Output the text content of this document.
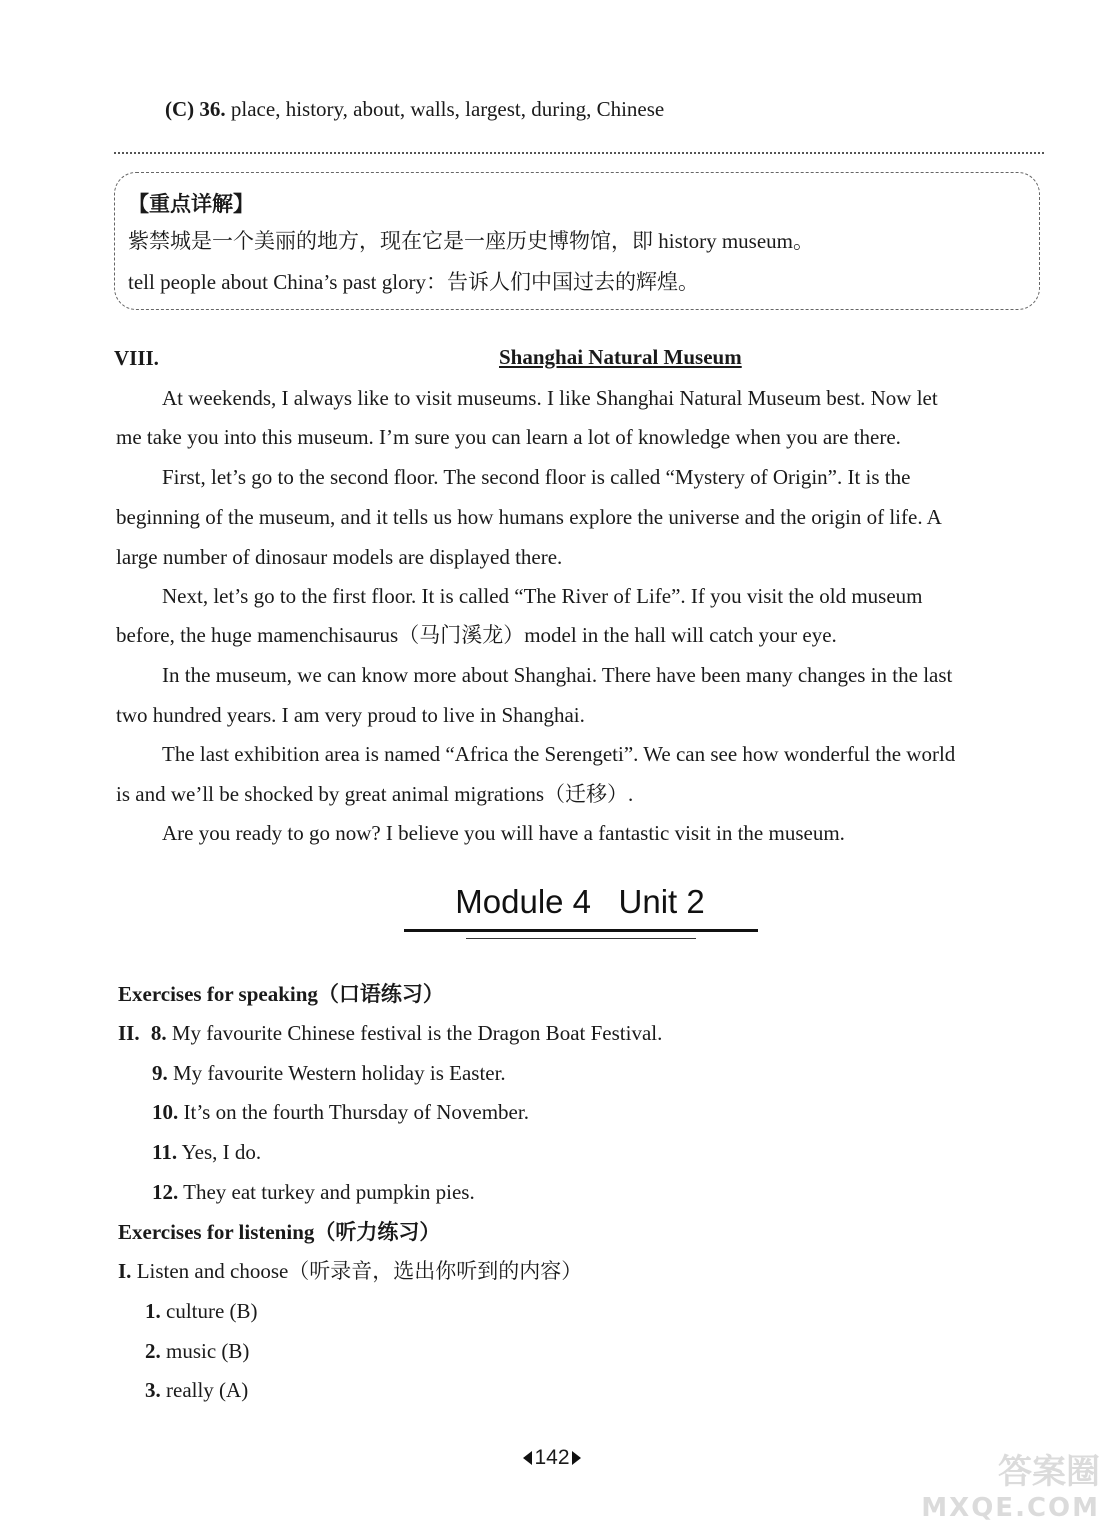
(C) 36. place, history, about, walls, largest, during, Chinese
【重点详解】
紫禁城是一个美丽的地方，现在它是一座历史博物馆，即 history museum。
tell people about China’s past glory：告诉人们中国过去的辉煌。
VIII.	Shanghai Natural Museum
At weekends, I always like to visit museums. I like Shanghai Natural Museum best. Now let
me take you into this museum. I’m sure you can learn a lot of knowledge when you are there.
First, let’s go to the second floor. The second floor is called “Mystery of Origin”. It is the
beginning of the museum, and it tells us how humans explore the universe and the origin of life. A
large number of dinosaur models are displayed there.
Next, let’s go to the first floor. It is called “The River of Life”. If you visit the old museum
before, the huge mamenchisaurus（马门溪龙）model in the hall will catch your eye.
In the museum, we can know more about Shanghai. There have been many changes in the last
two hundred years. I am very proud to live in Shanghai.
The last exhibition area is named “Africa the Serengeti”. We can see how wonderful the world
is and we’ll be shocked by great animal migrations（迁移）.
Are you ready to go now? I believe you will have a fantastic visit in the museum.
Module 4   Unit 2
Exercises for speaking（口语练习）
II. 8. My favourite Chinese festival is the Dragon Boat Festival.
9. My favourite Western holiday is Easter.
10. It’s on the fourth Thursday of November.
11. Yes, I do.
12. They eat turkey and pumpkin pies.
Exercises for listening（听力练习）
I. Listen and choose（听录音，选出你听到的内容）
1. culture (B)
2. music (B)
3. really (A)
142	答案圈
MXQE.COM
